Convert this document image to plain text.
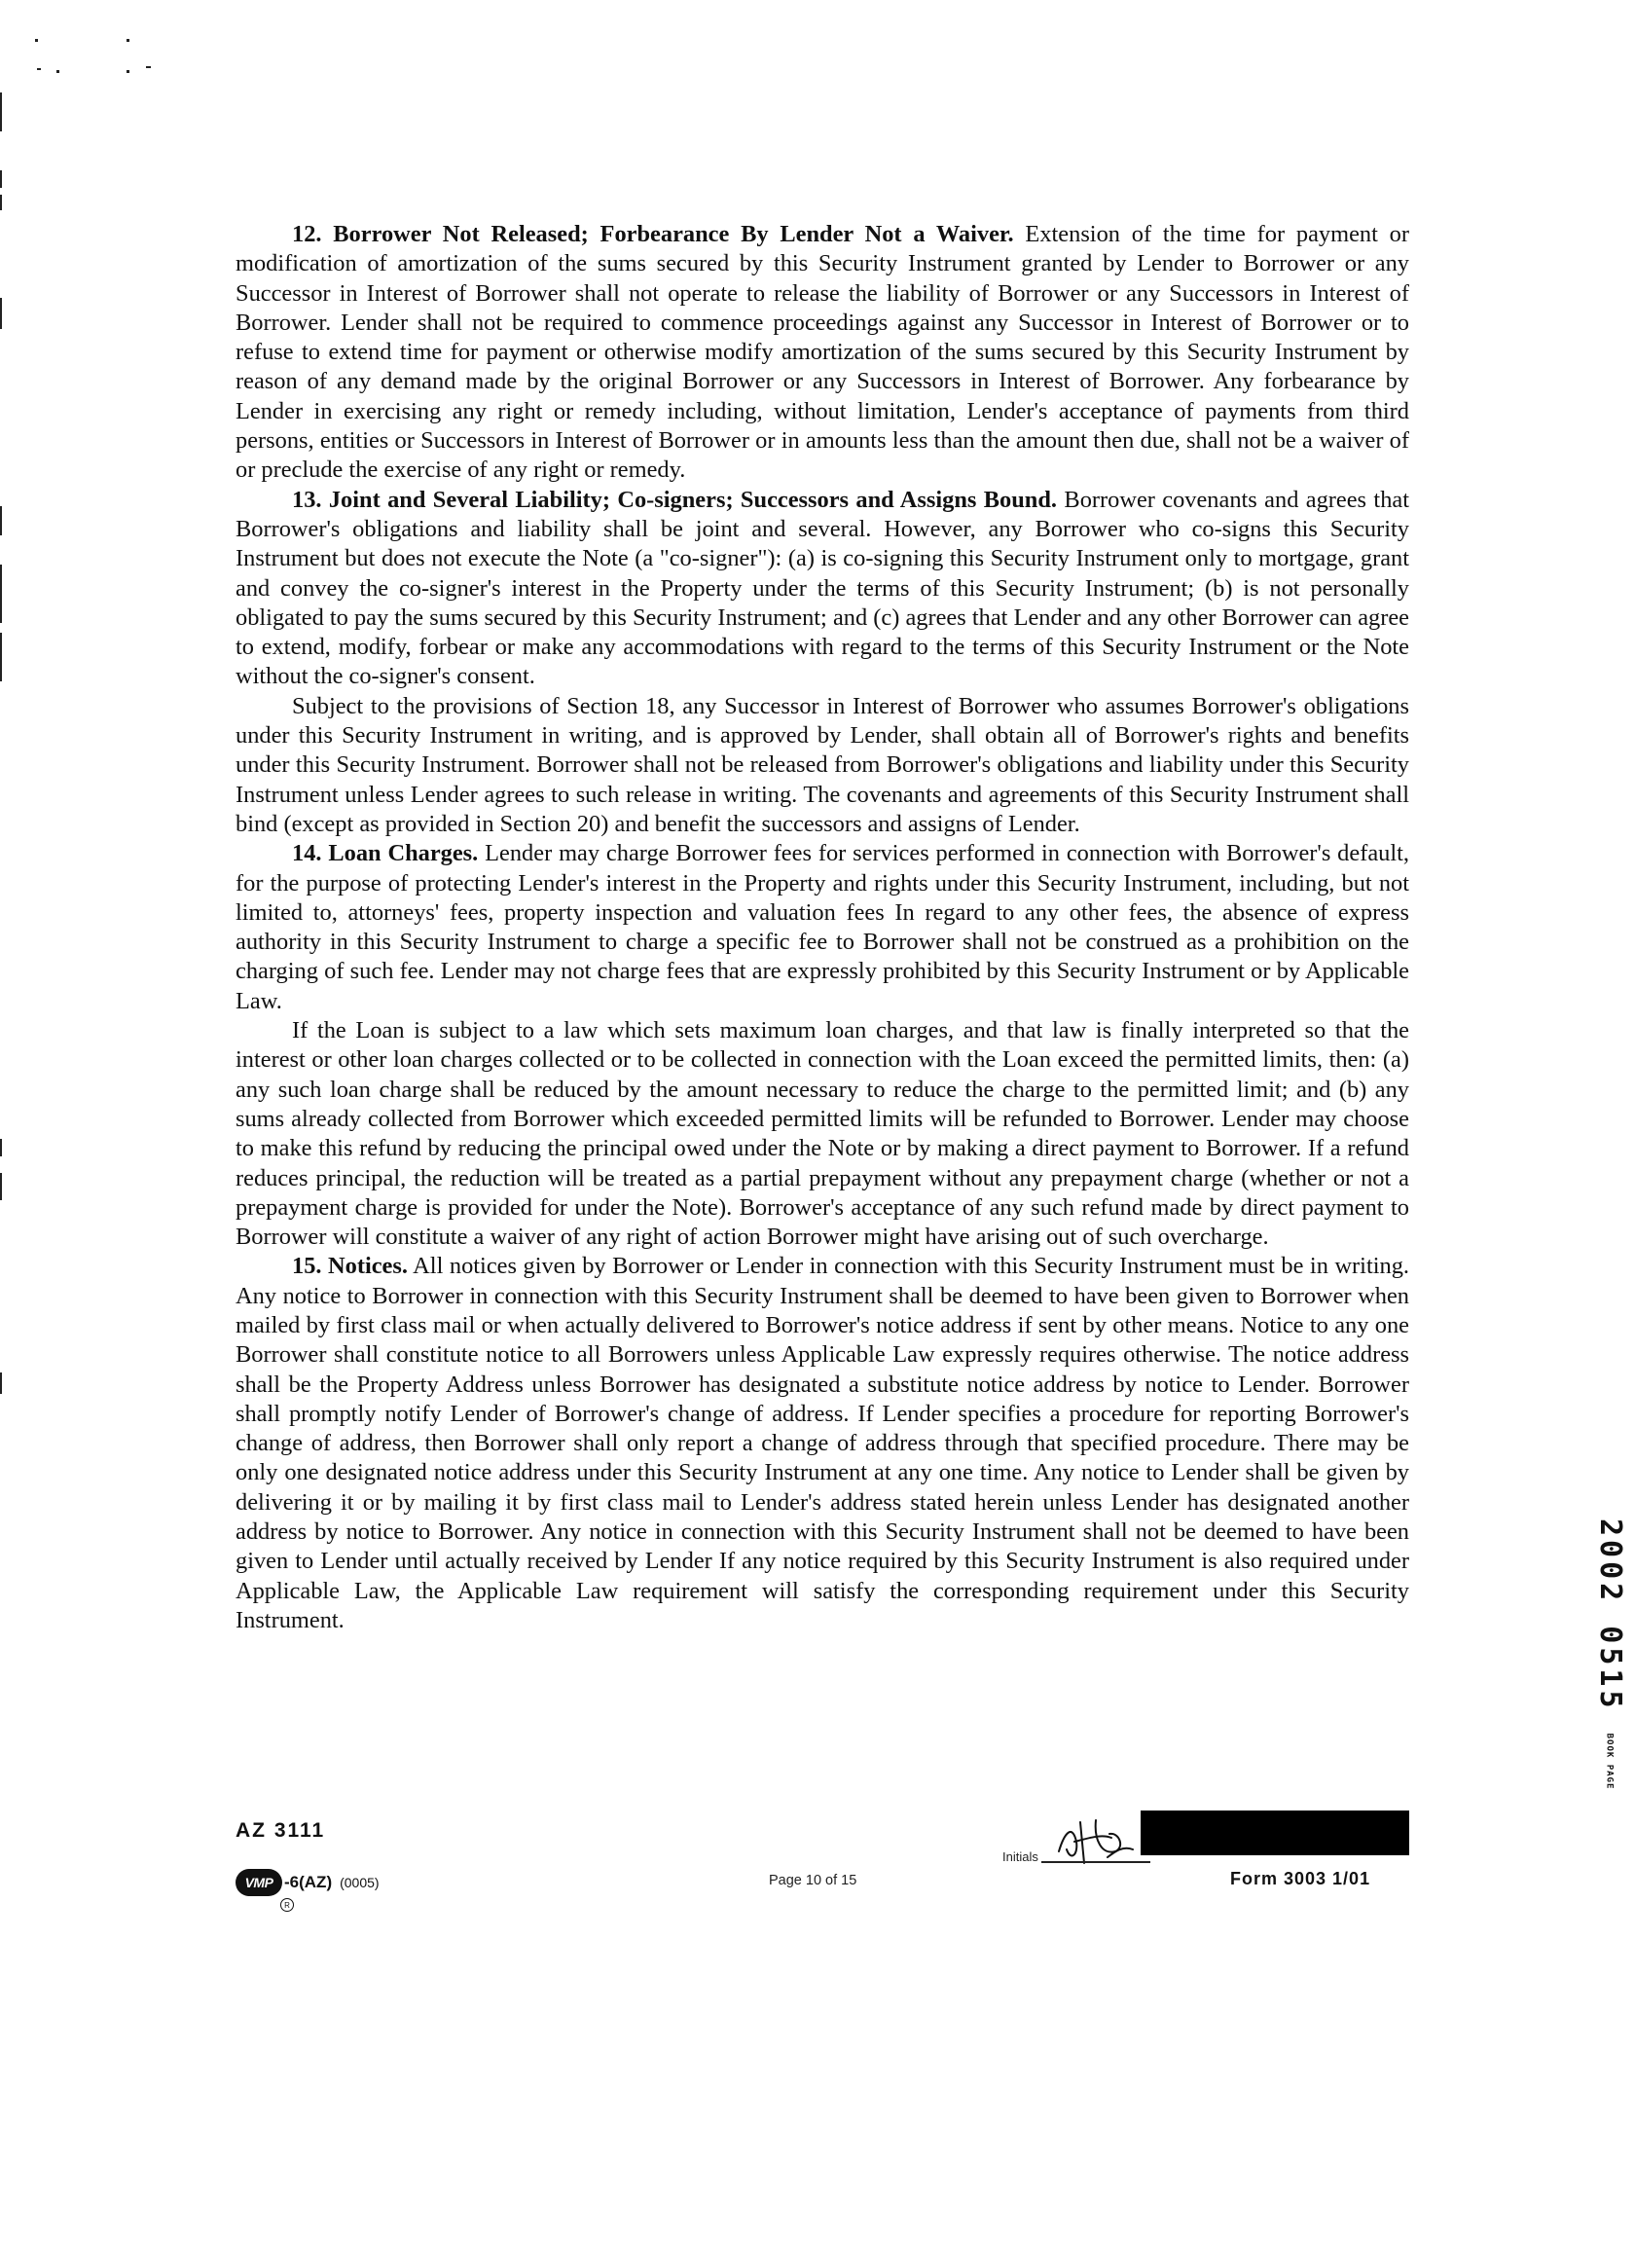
12. Borrower Not Released; Forbearance By Lender Not a Waiver. Extension of the time for payment or modification of amortization of the sums secured by this Security Instrument granted by Lender to Borrower or any Successor in Interest of Borrower shall not operate to release the liability of Borrower or any Successors in Interest of Borrower. Lender shall not be required to commence proceedings against any Successor in Interest of Borrower or to refuse to extend time for payment or otherwise modify amortization of the sums secured by this Security Instrument by reason of any demand made by the original Borrower or any Successors in Interest of Borrower. Any forbearance by Lender in exercising any right or remedy including, without limitation, Lender's acceptance of payments from third persons, entities or Successors in Interest of Borrower or in amounts less than the amount then due, shall not be a waiver of or preclude the exercise of any right or remedy.

13. Joint and Several Liability; Co-signers; Successors and Assigns Bound. Borrower covenants and agrees that Borrower's obligations and liability shall be joint and several. However, any Borrower who co-signs this Security Instrument but does not execute the Note (a "co-signer"): (a) is co-signing this Security Instrument only to mortgage, grant and convey the co-signer's interest in the Property under the terms of this Security Instrument; (b) is not personally obligated to pay the sums secured by this Security Instrument; and (c) agrees that Lender and any other Borrower can agree to extend, modify, forbear or make any accommodations with regard to the terms of this Security Instrument or the Note without the co-signer's consent.

Subject to the provisions of Section 18, any Successor in Interest of Borrower who assumes Borrower's obligations under this Security Instrument in writing, and is approved by Lender, shall obtain all of Borrower's rights and benefits under this Security Instrument. Borrower shall not be released from Borrower's obligations and liability under this Security Instrument unless Lender agrees to such release in writing. The covenants and agreements of this Security Instrument shall bind (except as provided in Section 20) and benefit the successors and assigns of Lender.

14. Loan Charges. Lender may charge Borrower fees for services performed in connection with Borrower's default, for the purpose of protecting Lender's interest in the Property and rights under this Security Instrument, including, but not limited to, attorneys' fees, property inspection and valuation fees In regard to any other fees, the absence of express authority in this Security Instrument to charge a specific fee to Borrower shall not be construed as a prohibition on the charging of such fee. Lender may not charge fees that are expressly prohibited by this Security Instrument or by Applicable Law.

If the Loan is subject to a law which sets maximum loan charges, and that law is finally interpreted so that the interest or other loan charges collected or to be collected in connection with the Loan exceed the permitted limits, then: (a) any such loan charge shall be reduced by the amount necessary to reduce the charge to the permitted limit; and (b) any sums already collected from Borrower which exceeded permitted limits will be refunded to Borrower. Lender may choose to make this refund by reducing the principal owed under the Note or by making a direct payment to Borrower. If a refund reduces principal, the reduction will be treated as a partial prepayment without any prepayment charge (whether or not a prepayment charge is provided for under the Note). Borrower's acceptance of any such refund made by direct payment to Borrower will constitute a waiver of any right of action Borrower might have arising out of such overcharge.

15. Notices. All notices given by Borrower or Lender in connection with this Security Instrument must be in writing. Any notice to Borrower in connection with this Security Instrument shall be deemed to have been given to Borrower when mailed by first class mail or when actually delivered to Borrower's notice address if sent by other means. Notice to any one Borrower shall constitute notice to all Borrowers unless Applicable Law expressly requires otherwise. The notice address shall be the Property Address unless Borrower has designated a substitute notice address by notice to Lender. Borrower shall promptly notify Lender of Borrower's change of address. If Lender specifies a procedure for reporting Borrower's change of address, then Borrower shall only report a change of address through that specified procedure. There may be only one designated notice address under this Security Instrument at any one time. Any notice to Lender shall be given by delivering it or by mailing it by first class mail to Lender's address stated herein unless Lender has designated another address by notice to Borrower. Any notice in connection with this Security Instrument shall not be deemed to have been given to Lender until actually received by Lender If any notice required by this Security Instrument is also required under Applicable Law, the Applicable Law requirement will satisfy the corresponding requirement under this Security Instrument.

AZ 3111
VMP
R
-6(AZ) (0005)	Page 10 of 15
Initials
Form 3003 1/01
2002 0515 BOOK PAGE
